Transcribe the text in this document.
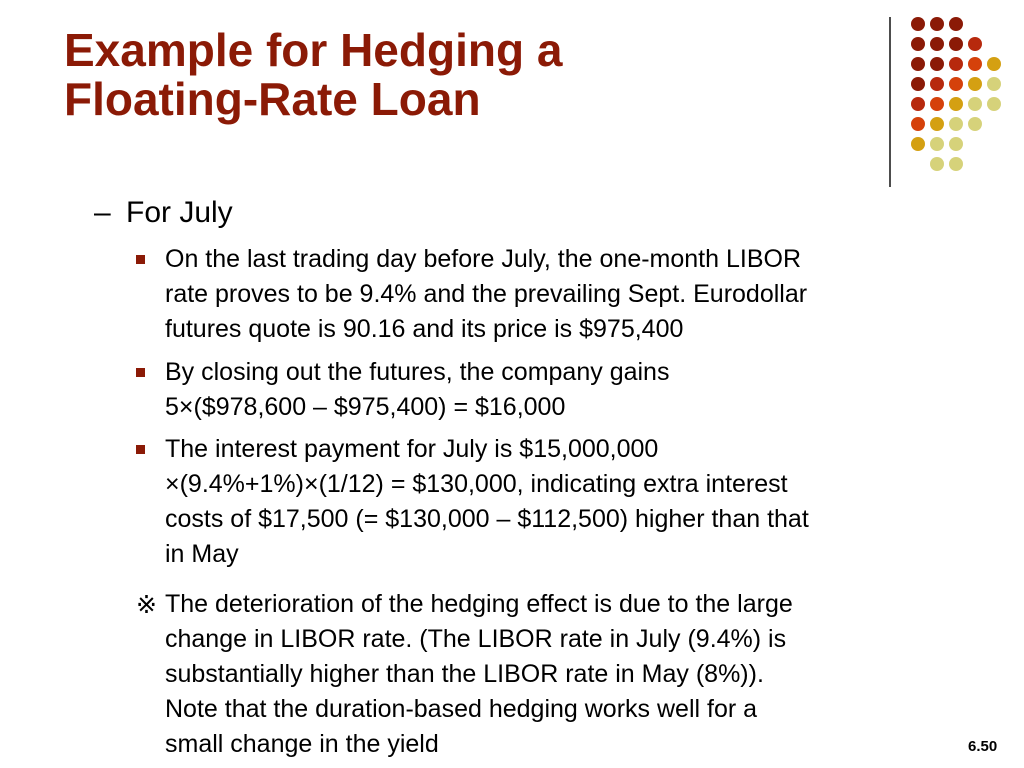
Example for Hedging a
Floating-Rate Loan
– For July
On the last trading day before July, the one-month LIBOR
rate proves to be 9.4% and the prevailing Sept. Eurodollar
futures quote is 90.16 and its price is $975,400
By closing out the futures, the company gains
5×($978,600 – $975,400) = $16,000
The interest payment for July is $15,000,000
×(9.4%+1%)×(1/12) = $130,000, indicating extra interest
costs of $17,500 (= $130,000 – $112,500) higher than that
in May
※ The deterioration of the hedging effect is due to the large
change in LIBOR rate. (The LIBOR rate in July (9.4%) is
substantially higher than the LIBOR rate in May (8%)).
Note that the duration-based hedging works well for a
small change in the yield	6.50
